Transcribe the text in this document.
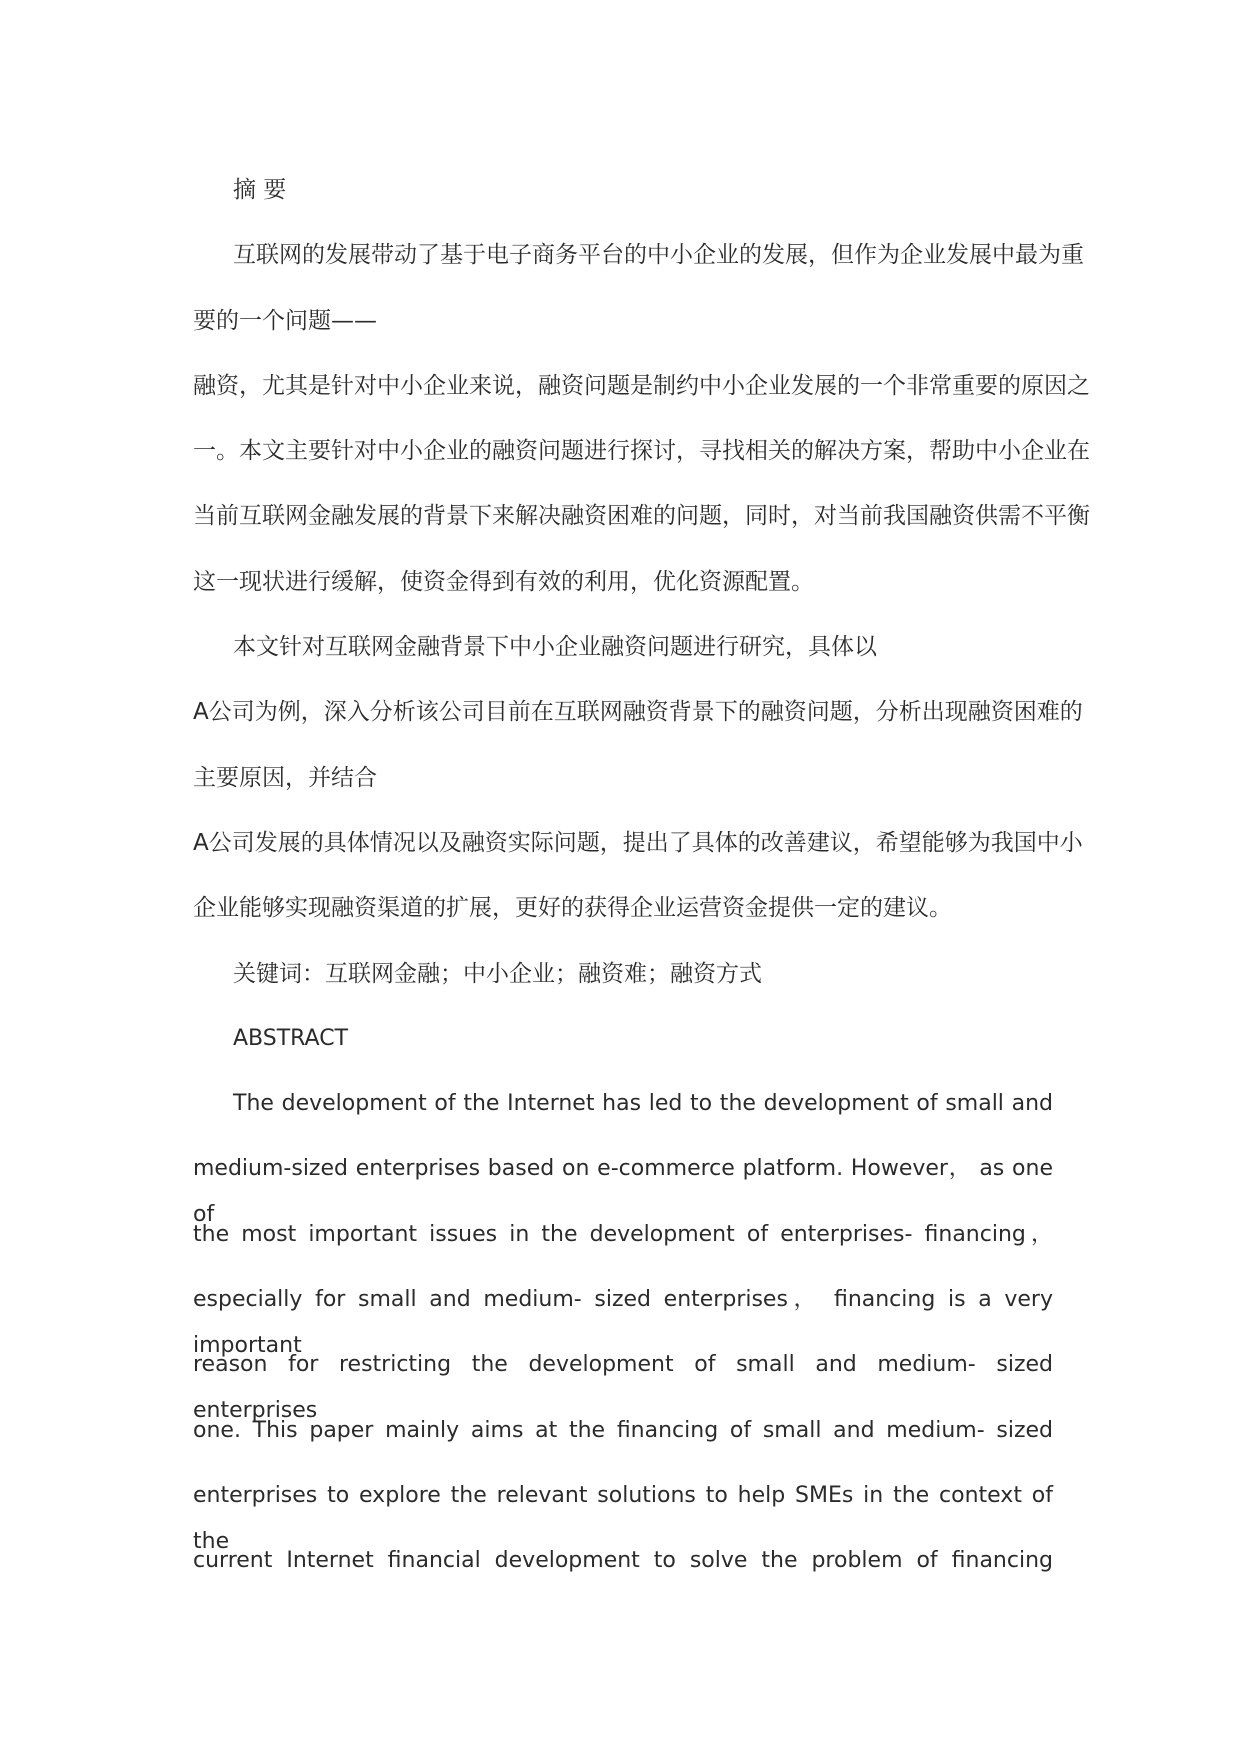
摘 要
互联网的发展带动了基于电子商务平台的中小企业的发展，但作为企业发展中最为重
要的一个问题——
融资，尤其是针对中小企业来说，融资问题是制约中小企业发展的一个非常重要的原因之
一。本文主要针对中小企业的融资问题进行探讨，寻找相关的解决方案，帮助中小企业在
当前互联网金融发展的背景下来解决融资困难的问题，同时，对当前我国融资供需不平衡
这一现状进行缓解，使资金得到有效的利用，优化资源配置。
本文针对互联网金融背景下中小企业融资问题进行研究，具体以
A公司为例，深入分析该公司目前在互联网融资背景下的融资问题，分析出现融资困难的
主要原因，并结合
A公司发展的具体情况以及融资实际问题，提出了具体的改善建议，希望能够为我国中小
企业能够实现融资渠道的扩展，更好的获得企业运营资金提供一定的建议。
关键词：互联网金融；中小企业；融资难；融资方式
ABSTRACT
The development of the Internet has led to the development of small and
medium-sized enterprises based on e-commerce platform. However， as one of
the most important issues in the development of enterprises- financing，
especially for small and medium- sized enterprises， financing is a very important
reason for restricting the development of small and medium- sized enterprises
one. This paper mainly aims at the financing of small and medium- sized
enterprises to explore the relevant solutions to help SMEs in the context of the
current Internet financial development to solve the problem of financing
